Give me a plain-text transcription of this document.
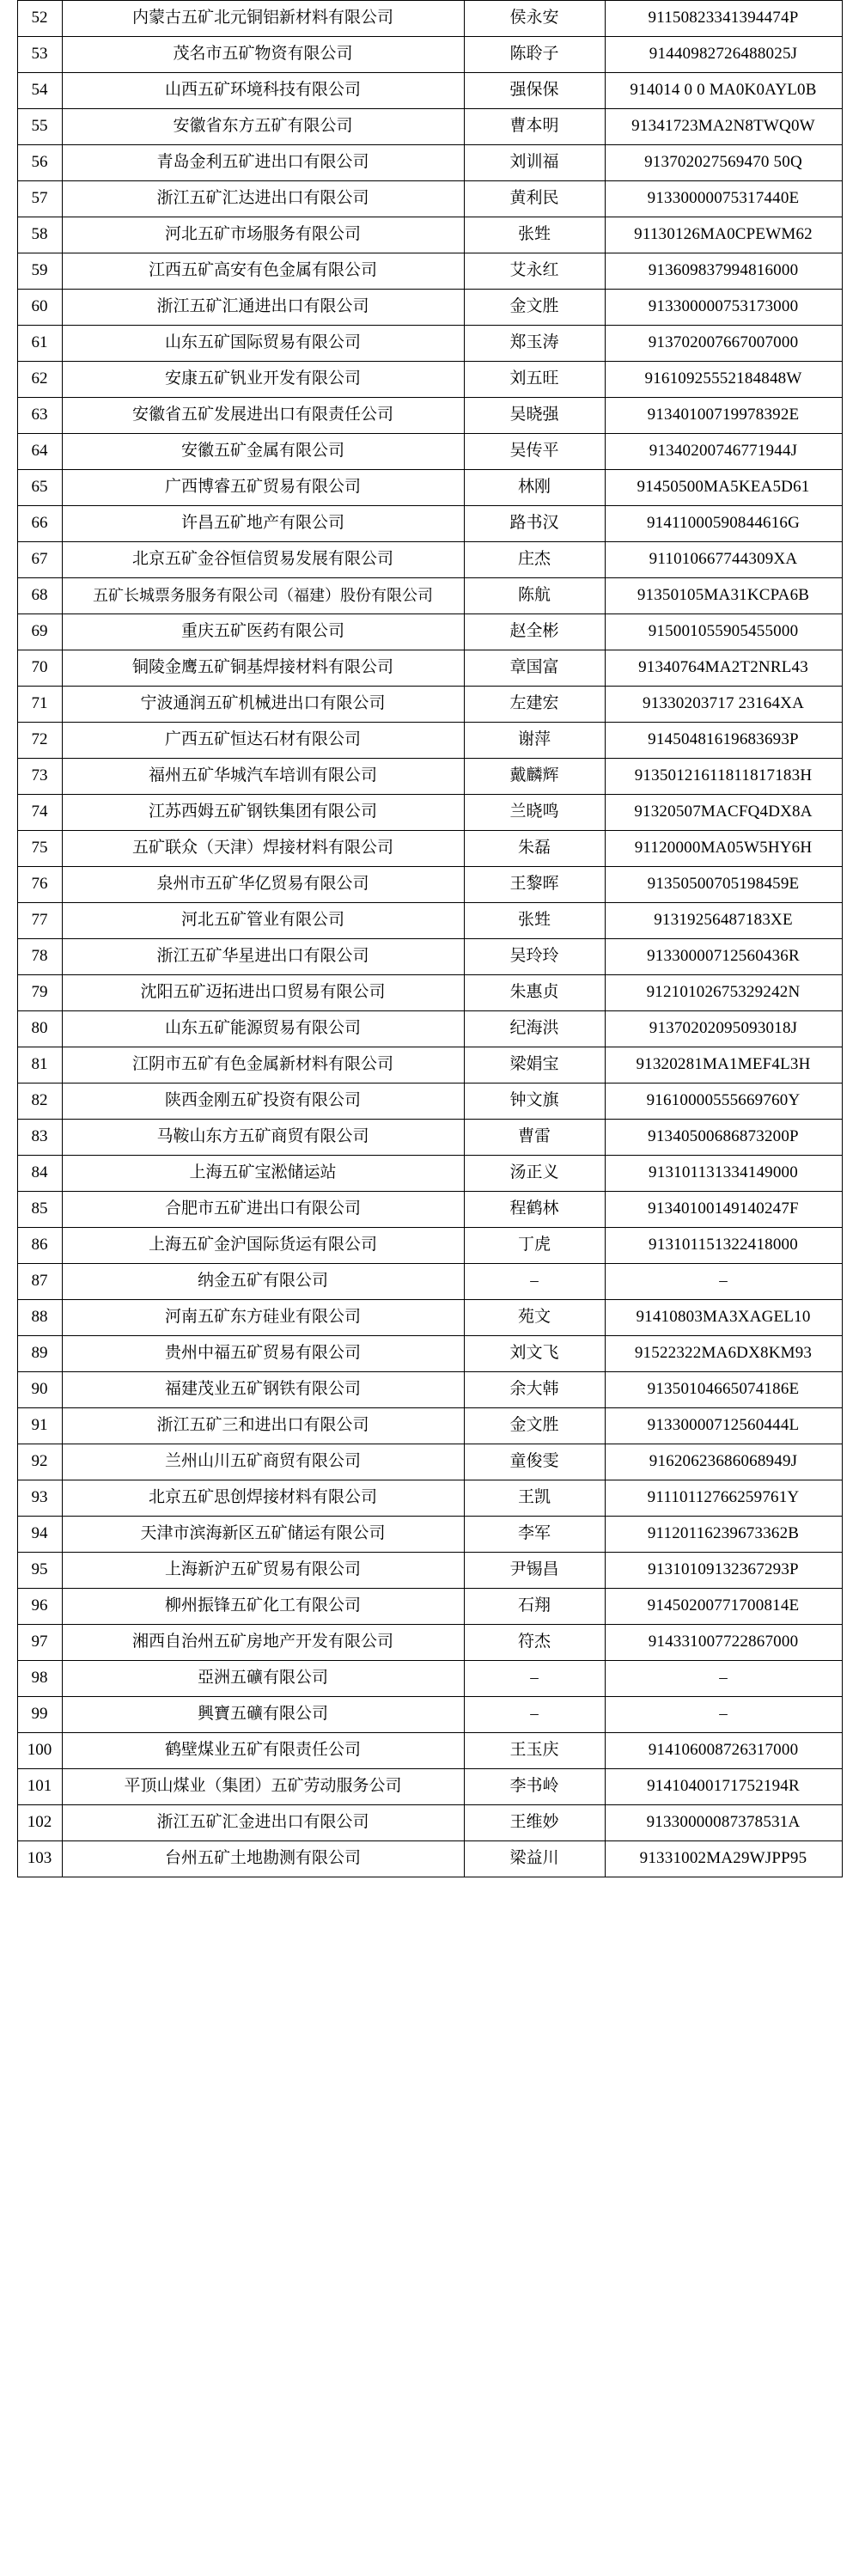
52	内蒙古五矿北元铜铝新材料有限公司	侯永安	91150823341394474P
53	茂名市五矿物资有限公司	陈聆子	91440982726488025J
54	山西五矿环境科技有限公司	强保保	914014 0 0 MA0K0AYL0B
55	安徽省东方五矿有限公司	曹本明	91341723MA2N8TWQ0W
56	青岛金利五矿进出口有限公司	刘训福	913702027569470 50Q
57	浙江五矿汇达进出口有限公司	黄利民	91330000075317440E
58	河北五矿市场服务有限公司	张甡	91130126MA0CPEWM62
59	江西五矿高安有色金属有限公司	艾永红	913609837994816000
60	浙江五矿汇通进出口有限公司	金文胜	913300000753173000
61	山东五矿国际贸易有限公司	郑玉涛	913702007667007000
62	安康五矿钒业开发有限公司	刘五旺	91610925552184848W
63	安徽省五矿发展进出口有限责任公司	吴晓强	91340100719978392E
64	安徽五矿金属有限公司	吴传平	91340200746771944J
65	广西博睿五矿贸易有限公司	林刚	91450500MA5KEA5D61
66	许昌五矿地产有限公司	路书汉	91411000590844616G
67	北京五矿金谷恒信贸易发展有限公司	庄杰	911010667744309XA
68	五矿长城票务服务有限公司（福建）股份有限公司	陈航	91350105MA31KCPA6B
69	重庆五矿医药有限公司	赵全彬	915001055905455000
70	铜陵金鹰五矿铜基焊接材料有限公司	章国富	91340764MA2T2NRL43
71	宁波通润五矿机械进出口有限公司	左建宏	91330203717 23164XA
72	广西五矿恒达石材有限公司	谢萍	91450481619683693P
73	福州五矿华城汽车培训有限公司	戴麟辉	91350121611811817183H
74	江苏西姆五矿钢铁集团有限公司	兰晓鸣	91320507MACFQ4DX8A
75	五矿联众（天津）焊接材料有限公司	朱磊	91120000MA05W5HY6H
76	泉州市五矿华亿贸易有限公司	王黎晖	91350500705198459E
77	河北五矿管业有限公司	张甡	91319256487183XE
78	浙江五矿华星进出口有限公司	吴玲玲	91330000712560436R
79	沈阳五矿迈拓进出口贸易有限公司	朱惠贞	91210102675329242N
80	山东五矿能源贸易有限公司	纪海洪	91370202095093018J
81	江阴市五矿有色金属新材料有限公司	梁娟宝	91320281MA1MEF4L3H
82	陕西金刚五矿投资有限公司	钟文旗	91610000555669760Y
83	马鞍山东方五矿商贸有限公司	曹雷	91340500686873200P
84	上海五矿宝淞储运站	汤正义	913101131334149000
85	合肥市五矿进出口有限公司	程鹤林	91340100149140247F
86	上海五矿金沪国际货运有限公司	丁虎	913101151322418000
87	纳金五矿有限公司	–	–
88	河南五矿东方硅业有限公司	苑文	91410803MA3XAGEL10
89	贵州中福五矿贸易有限公司	刘文飞	91522322MA6DX8KM93
90	福建茂业五矿钢铁有限公司	余大韩	91350104665074186E
91	浙江五矿三和进出口有限公司	金文胜	91330000712560444L
92	兰州山川五矿商贸有限公司	童俊雯	91620623686068949J
93	北京五矿思创焊接材料有限公司	王凯	91110112766259761Y
94	天津市滨海新区五矿储运有限公司	李军	91120116239673362B
95	上海新沪五矿贸易有限公司	尹锡昌	91310109132367293P
96	柳州振锋五矿化工有限公司	石翔	91450200771700814E
97	湘西自治州五矿房地产开发有限公司	符杰	914331007722867000
98	亞洲五礦有限公司	–	–
99	興寶五礦有限公司	–	–
100	鹤壁煤业五矿有限责任公司	王玉庆	914106008726317000
101	平顶山煤业（集团）五矿劳动服务公司	李书岭	91410400171752194R
102	浙江五矿汇金进出口有限公司	王维妙	91330000087378531A
103	台州五矿土地勘测有限公司	梁益川	91331002MA29WJPP95
